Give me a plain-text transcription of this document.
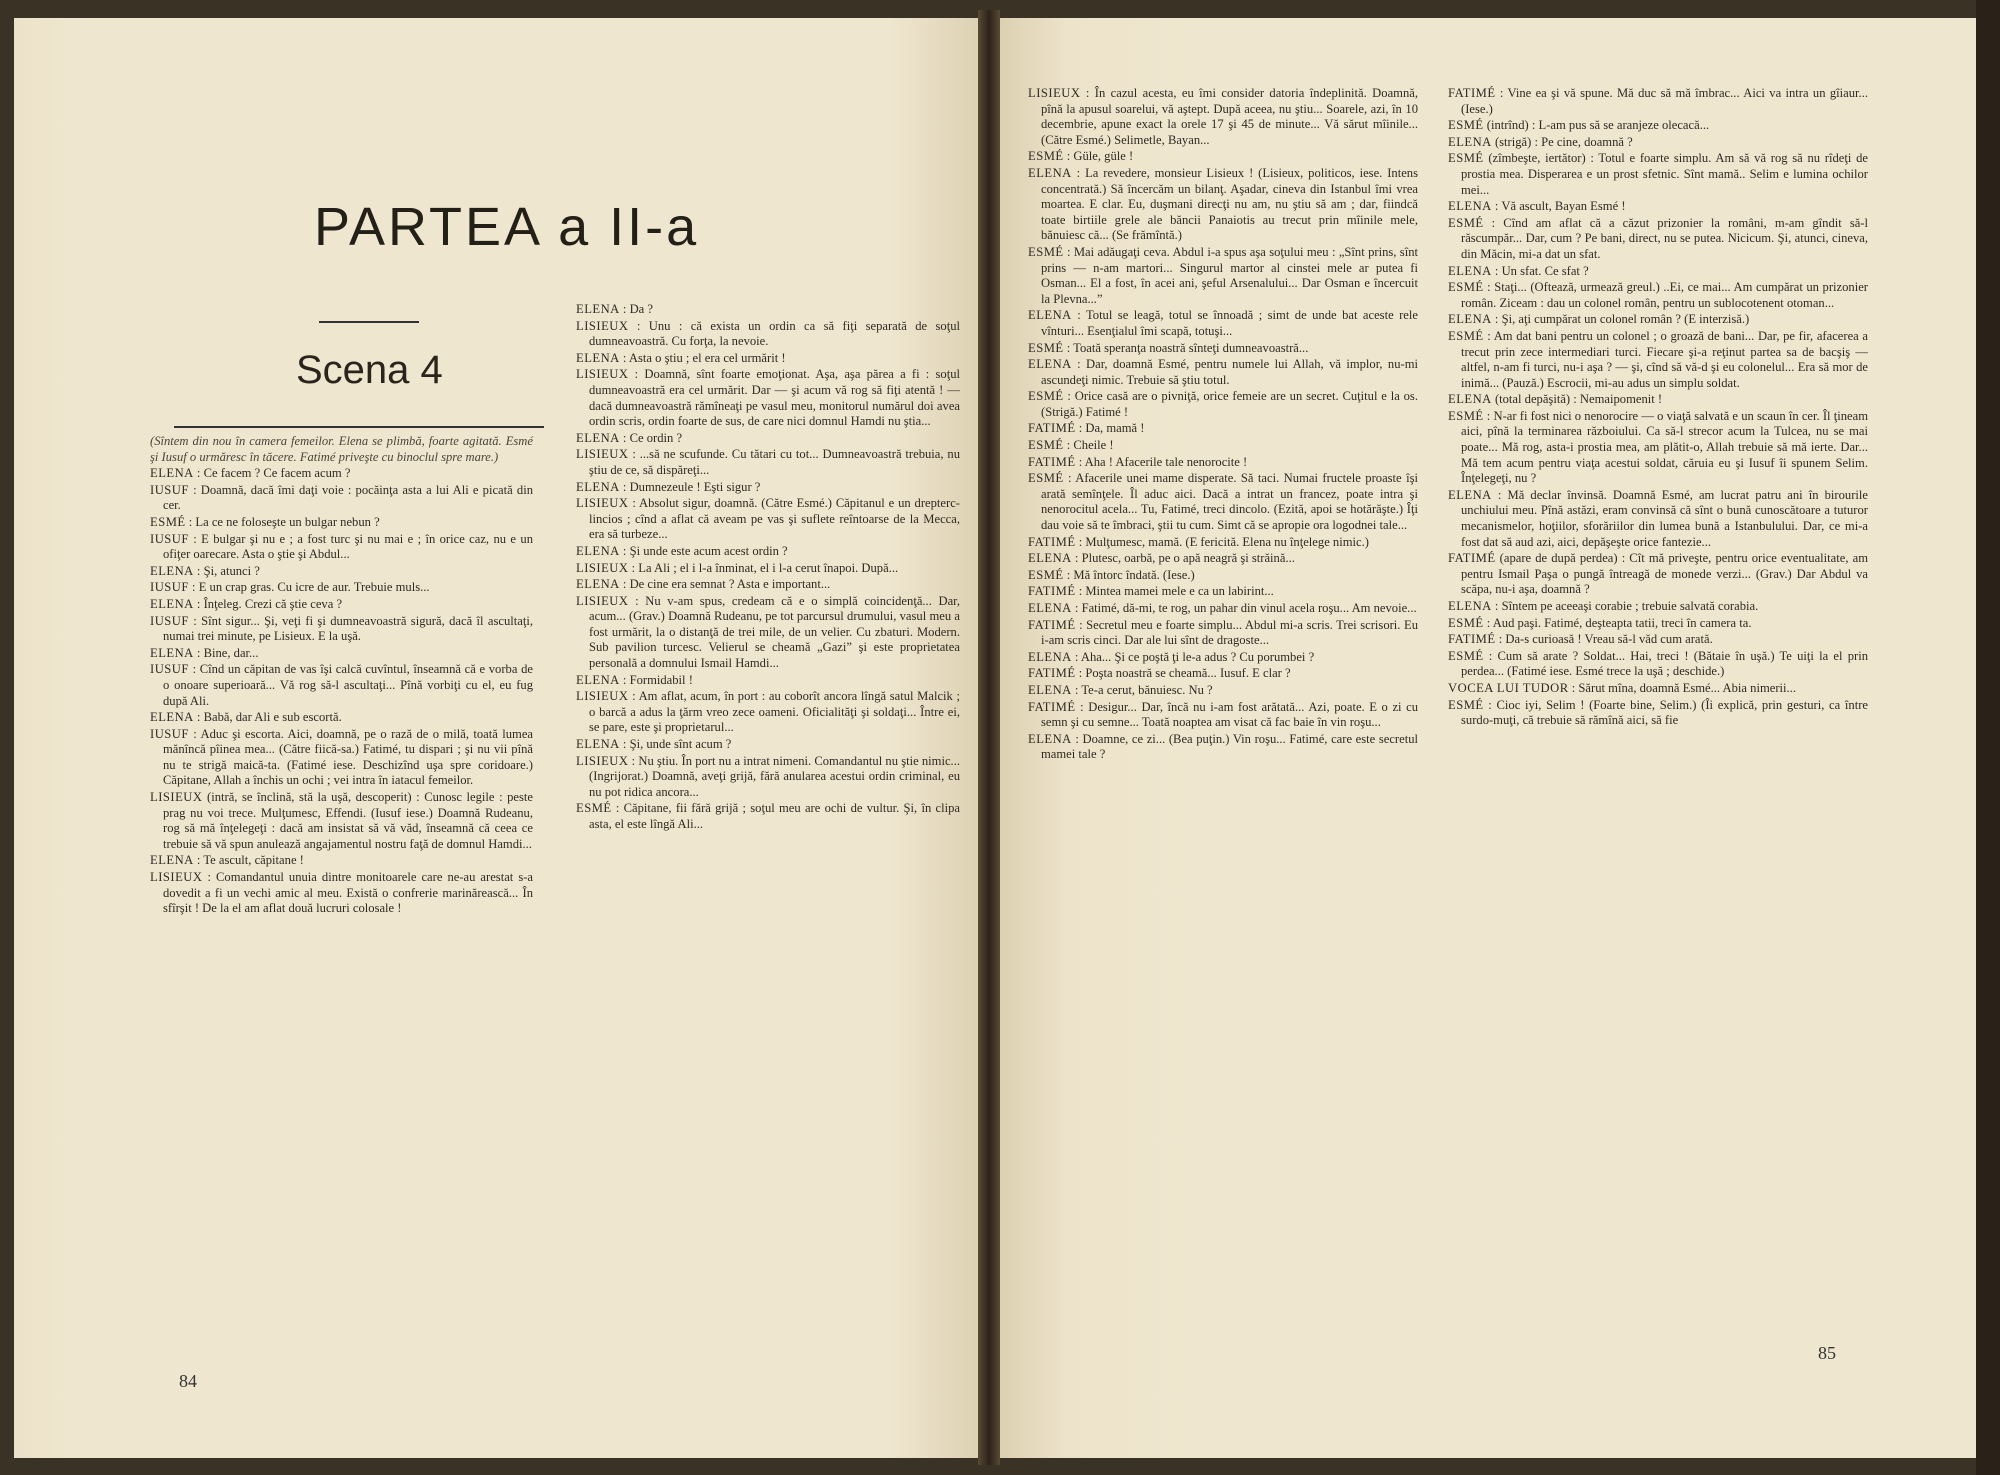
PARTEA a II-a
Scena 4
84
85

(Sîntem din nou în camera femeilor. Elena se plimbă, foarte agitată. Esmé şi Iusuf o urmăresc în tăcere. Fatimé priveşte cu binoclul spre mare.)

ELENA : Ce facem ? Ce facem acum ?

IUSUF : Doamnă, dacă îmi daţi voie : pocăinţa asta a lui Ali e picată din cer.

ESMÉ : La ce ne foloseşte un bulgar nebun ?

IUSUF : E bulgar şi nu e ; a fost turc şi nu mai e ; în orice caz, nu e un ofiţer oarecare. Asta o ştie şi Abdul...

ELENA : Şi, atunci ?

IUSUF : E un crap gras. Cu icre de aur. Trebuie muls...

ELENA : Înţeleg. Crezi că ştie ceva ?

IUSUF : Sînt sigur... Şi, veţi fi şi dumneavoastră sigură, dacă îl ascultaţi, numai trei minute, pe Lisieux. E la uşă.

ELENA : Bine, dar...

IUSUF : Cînd un căpitan de vas îşi calcă cuvîntul, înseamnă că e vorba de o onoare superioară... Vă rog să-l ascultaţi... Pînă vorbiţi cu el, eu fug după Ali.

ELENA : Babă, dar Ali e sub escortă.

IUSUF : Aduc şi escorta. Aici, doamnă, pe o rază de o milă, toată lumea mănîncă pîinea mea... (Către fiică-sa.) Fatimé, tu dispari ; şi nu vii pînă nu te strigă maică-ta. (Fatimé iese. Deschizînd uşa spre coridoare.) Căpitane, Allah a închis un ochi ; vei intra în iatacul femeilor.

LISIEUX (intră, se înclină, stă la uşă, descoperit) : Cunosc legile : peste prag nu voi trece. Mulţumesc, Effendi. (Iusuf iese.) Doamnă Rudeanu, rog să mă înţelegeţi : dacă am insistat să vă văd, înseamnă că ceea ce trebuie să vă spun anulează angajamentul nostru faţă de domnul Hamdi...

ELENA : Te ascult, căpitane !

LISIEUX : Comandantul unuia dintre monitoarele care ne-au arestat s-a dovedit a fi un vechi amic al meu. Există o confrerie marinărească... În sfîrşit ! De la el am aflat două lucruri colosale !

ELENA : Da ?

LISIEUX : Unu : că exista un ordin ca să fiţi separată de soţul dumneavoastră. Cu forţa, la nevoie.

ELENA : Asta o ştiu ; el era cel urmărit !

LISIEUX : Doamnă, sînt foarte emoţionat. Aşa, aşa părea a fi : soţul dumneavoastră era cel urmărit. Dar — şi acum vă rog să fiţi atentă ! — dacă dumneavoastră rămîneaţi pe vasul meu, monitorul numărul doi avea ordin scris, ordin foarte de sus, de care nici domnul Hamdi nu ştia...

ELENA : Ce ordin ?

LISIEUX : ...să ne scufunde. Cu tătari cu tot... Dumneavoastră trebuia, nu ştiu de ce, să dispăreţi...

ELENA : Dumnezeule ! Eşti sigur ?

LISIEUX : Absolut sigur, doamnă. (Către Esmé.) Căpitanul e un drepterc-lincios ; cînd a aflat că aveam pe vas şi suflete reîntoarse de la Mecca, era să turbeze...

ELENA : Şi unde este acum acest ordin ?

LISIEUX : La Ali ; el i l-a înminat, el i l-a cerut înapoi. După...

ELENA : De cine era semnat ? Asta e important...

LISIEUX : Nu v-am spus, credeam că e o simplă coincidenţă... Dar, acum... (Grav.) Doamnă Rudeanu, pe tot parcursul drumului, vasul meu a fost urmărit, la o distanţă de trei mile, de un velier. Cu zbaturi. Modern. Sub pavilion turcesc. Velierul se cheamă „Gazi” şi este proprietatea personală a domnului Ismail Hamdi...

ELENA : Formidabil !

LISIEUX : Am aflat, acum, în port : au coborît ancora lîngă satul Malcik ; o barcă a adus la ţărm vreo zece oameni. Oficialităţi şi soldaţi... Între ei, se pare, este şi proprietarul...

ELENA : Şi, unde sînt acum ?

LISIEUX : Nu ştiu. În port nu a intrat nimeni. Comandantul nu ştie nimic... (Ingrijorat.) Doamnă, aveţi grijă, fără anularea acestui ordin criminal, eu nu pot ridica ancora...

ESMÉ : Căpitane, fii fără grijă ; soţul meu are ochi de vultur. Şi, în clipa asta, el este lîngă Ali...

LISIEUX : În cazul acesta, eu îmi consider datoria îndeplinită. Doamnă, pînă la apusul soarelui, vă aştept. După aceea, nu ştiu... Soarele, azi, în 10 decembrie, apune exact la orele 17 şi 45 de minute... Vă sărut mîinile... (Către Esmé.) Selimetle, Bayan...

ESMÉ : Güle, güle !

ELENA : La revedere, monsieur Lisieux ! (Lisieux, politicos, iese. Intens concentrată.) Să încercăm un bilanţ. Aşadar, cineva din Istanbul îmi vrea moartea. E clar. Eu, duşmani direcţi nu am, nu ştiu să am ; dar, fiindcă toate birtiile grele ale băncii Panaiotis au trecut prin mîinile mele, bănuiesc că... (Se frămîntă.)

ESMÉ : Mai adăugaţi ceva. Abdul i-a spus aşa soţului meu : „Sînt prins, sînt prins — n-am martori... Singurul martor al cinstei mele ar putea fi Osman... El a fost, în acei ani, şeful Arsenalului... Dar Osman e încercuit la Plevna...”

ELENA : Totul se leagă, totul se înnoadă ; simt de unde bat aceste rele vînturi... Esenţialul îmi scapă, totuşi...

ESMÉ : Toată speranţa noastră sînteţi dumneavoastră...

ELENA : Dar, doamnă Esmé, pentru numele lui Allah, vă implor, nu-mi ascundeţi nimic. Trebuie să ştiu totul.

ESMÉ : Orice casă are o pivniţă, orice femeie are un secret. Cuţitul e la os. (Strigă.) Fatimé !

FATIMÉ : Da, mamă !

ESMÉ : Cheile !

FATIMÉ : Aha ! Afacerile tale nenorocite !

ESMÉ : Afacerile unei mame disperate. Să taci. Numai fructele proaste îşi arată semînţele. Îl aduc aici. Dacă a intrat un francez, poate intra şi nenorocitul acela... Tu, Fatimé, treci dincolo. (Ezită, apoi se hotărăşte.) Îţi dau voie să te îmbraci, ştii tu cum. Simt că se apropie ora logodnei tale...

FATIMÉ : Mulţumesc, mamă. (E fericită. Elena nu înţelege nimic.)

ELENA : Plutesc, oarbă, pe o apă neagră şi străină...

ESMÉ : Mă întorc îndată. (Iese.)

FATIMÉ : Mintea mamei mele e ca un labirint...

ELENA : Fatimé, dă-mi, te rog, un pahar din vinul acela roşu... Am nevoie...

FATIMÉ : Secretul meu e foarte simplu... Abdul mi-a scris. Trei scrisori. Eu i-am scris cinci. Dar ale lui sînt de dragoste...

ELENA : Aha... Şi ce poştă ţi le-a adus ? Cu porumbei ?

FATIMÉ : Poşta noastră se cheamă... Iusuf. E clar ?

ELENA : Te-a cerut, bănuiesc. Nu ?

FATIMÉ : Desigur... Dar, încă nu i-am fost arătată... Azi, poate. E o zi cu semn şi cu semne... Toată noaptea am visat că fac baie în vin roşu...

ELENA : Doamne, ce zi... (Bea puţin.) Vin roşu... Fatimé, care este secretul mamei tale ?

FATIMÉ : Vine ea şi vă spune. Mă duc să mă îmbrac... Aici va intra un gîiaur... (Iese.)

ESMÉ (intrînd) : L-am pus să se aranjeze olecacă...

ELENA (strigă) : Pe cine, doamnă ?

ESMÉ (zîmbeşte, iertător) : Totul e foarte simplu. Am să vă rog să nu rîdeţi de prostia mea. Disperarea e un prost sfetnic. Sînt mamă.. Selim e lumina ochilor mei...

ELENA : Vă ascult, Bayan Esmé !

ESMÉ : Cînd am aflat că a căzut prizonier la români, m-am gîndit să-l răscumpăr... Dar, cum ? Pe bani, direct, nu se putea. Nicicum. Şi, atunci, cineva, din Măcin, mi-a dat un sfat.

ELENA : Un sfat. Ce sfat ?

ESMÉ : Staţi... (Oftează, urmează greul.) ..Ei, ce mai... Am cumpărat un prizonier român. Ziceam : dau un colonel român, pentru un sublocotenent otoman...

ELENA : Şi, aţi cumpărat un colonel român ? (E interzisă.)

ESMÉ : Am dat bani pentru un colonel ; o groază de bani... Dar, pe fir, afacerea a trecut prin zece intermediari turci. Fiecare şi-a reţinut partea sa de bacşiş — altfel, n-am fi turci, nu-i aşa ? — şi, cînd să vă-d şi eu colonelul... Era să mor de inimă... (Pauză.) Escrocii, mi-au adus un simplu soldat.

ELENA (total depăşită) : Nemaipomenit !

ESMÉ : N-ar fi fost nici o nenorocire — o viaţă salvată e un scaun în cer. Îl ţineam aici, pînă la terminarea războiului. Ca să-l strecor acum la Tulcea, nu se mai poate... Mă rog, asta-i prostia mea, am plătit-o, Allah trebuie să mă ierte. Dar... Mă tem acum pentru viaţa acestui soldat, căruia eu şi Iusuf îi spunem Selim. Înţelegeţi, nu ?

ELENA : Mă declar învinsă. Doamnă Esmé, am lucrat patru ani în birourile unchiului meu. Pînă astăzi, eram convinsă că sînt o bună cunoscătoare a tuturor mecanismelor, hoţiilor, sforăriilor din lumea bună a Istanbulului. Dar, ce mi-a fost dat să aud azi, aici, depăşeşte orice fantezie...

FATIMÉ (apare de după perdea) : Cît mă priveşte, pentru orice eventualitate, am pentru Ismail Paşa o pungă întreagă de monede verzi... (Grav.) Dar Abdul va scăpa, nu-i aşa, doamnă ?

ELENA : Sîntem pe aceeaşi corabie ; trebuie salvată corabia.

ESMÉ : Aud paşi. Fatimé, deşteapta tatii, treci în camera ta.

FATIMÉ : Da-s curioasă ! Vreau să-l văd cum arată.

ESMÉ : Cum să arate ? Soldat... Hai, treci ! (Bătaie în uşă.) Te uiţi la el prin perdea... (Fatimé iese. Esmé trece la uşă ; deschide.)

VOCEA LUI TUDOR : Sărut mîna, doamnă Esmé... Abia nimerii...

ESMÉ : Cioc iyi, Selim ! (Foarte bine, Selim.) (Îi explică, prin gesturi, ca între surdo-muţi, că trebuie să rămînă aici, să fie
